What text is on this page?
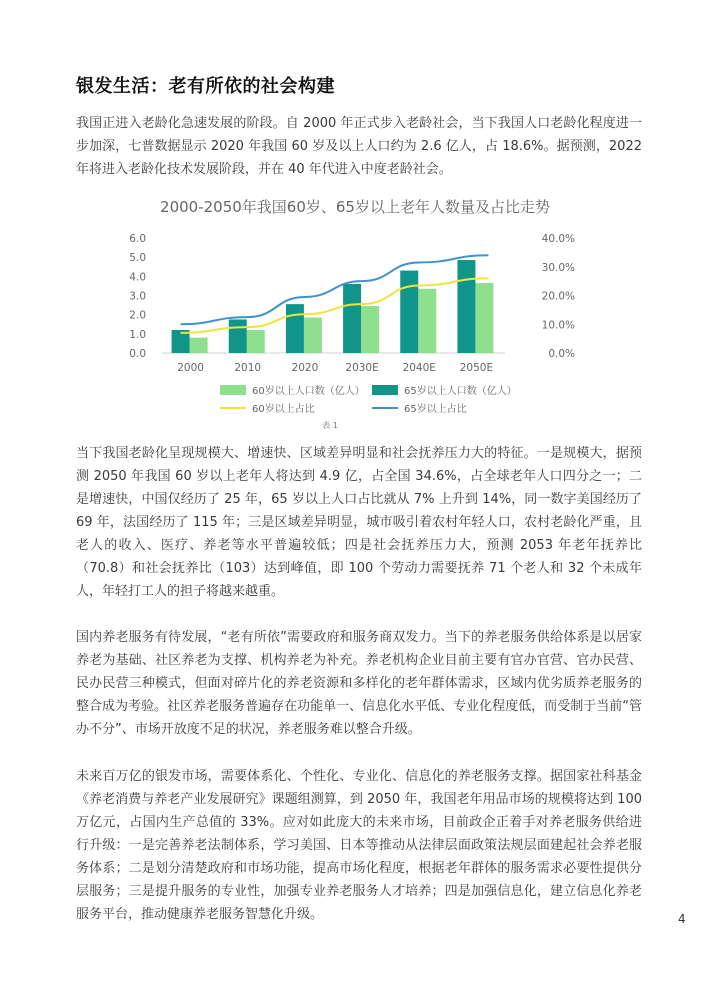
银发生活：老有所依的社会构建

我国正进入老龄化急速发展的阶段。自 2000 年正式步入老龄社会，当下我国人口老龄化程度进一步加深，七普数据显示 2020 年我国 60 岁及以上人口约为 2.6 亿人，占 18.6%。据预测，2022 年将进入老龄化技术发展阶段，并在 40 年代进入中度老龄社会。

2000-2050年我国60岁、65岁以上老年人数量及占比走势
0.0
1.0
2.0
3.0
4.0
5.0
6.0
0.0%
10.0%
20.0%
30.0%
40.0%
2000	2010	2020	2030E 2040E 2050E
60岁以上人口数（亿人）	65岁以上人口数（亿人）
60岁以上占比	65岁以上占比
表 1

当下我国老龄化呈现规模大、增速快、区域差异明显和社会抚养压力大的特征。一是规模大，据预测 2050 年我国 60 岁以上老年人将达到 4.9 亿，占全国 34.6%，占全球老年人口四分之一；二是增速快，中国仅经历了 25 年，65 岁以上人口占比就从 7% 上升到 14%，同一数字美国经历了 69 年，法国经历了 115 年；三是区域差异明显，城市吸引着农村年轻人口，农村老龄化严重，且老人的收入、医疗、养老等水平普遍较低；四是社会抚养压力大，预测 2053 年老年抚养比（70.8）和社会抚养比（103）达到峰值，即 100 个劳动力需要抚养 71 个老人和 32 个未成年人，年轻打工人的担子将越来越重。

国内养老服务有待发展，“老有所依”需要政府和服务商双发力。当下的养老服务供给体系是以居家养老为基础、社区养老为支撑、机构养老为补充。养老机构企业目前主要有官办官营、官办民营、民办民营三种模式，但面对碎片化的养老资源和多样化的老年群体需求，区域内优劣质养老服务的整合成为考验。社区养老服务普遍存在功能单一、信息化水平低、专业化程度低，而受制于当前“管办不分”、市场开放度不足的状况，养老服务难以整合升级。

未来百万亿的银发市场，需要体系化、个性化、专业化、信息化的养老服务支撑。据国家社科基金《养老消费与养老产业发展研究》课题组测算，到 2050 年，我国老年用品市场的规模将达到 100 万亿元，占国内生产总值的 33%。应对如此庞大的未来市场，目前政企正着手对养老服务供给进行升级：一是完善养老法制体系，学习美国、日本等推动从法律层面政策法规层面建起社会养老服务体系；二是划分清楚政府和市场功能，提高市场化程度，根据老年群体的服务需求必要性提供分层服务；三是提升服务的专业性，加强专业养老服务人才培养；四是加强信息化，建立信息化养老服务平台，推动健康养老服务智慧化升级。	4
